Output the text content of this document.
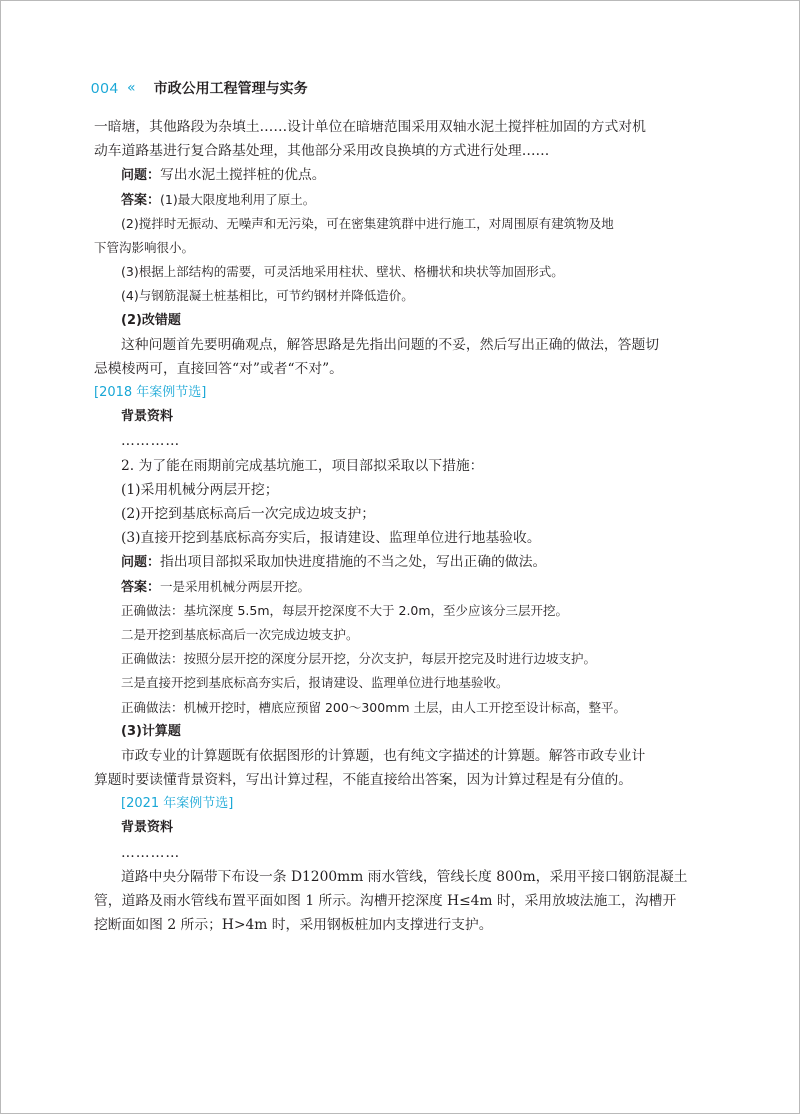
004 « 市政公用工程管理与实务
一暗塘，其他路段为杂填土……设计单位在暗塘范围采用双轴水泥土搅拌桩加固的方式对机
动车道路基进行复合路基处理，其他部分采用改良换填的方式进行处理……
问题：写出水泥土搅拌桩的优点。
答案：(1)最大限度地利用了原土。
(2)搅拌时无振动、无噪声和无污染，可在密集建筑群中进行施工，对周围原有建筑物及地
下管沟影响很小。
(3)根据上部结构的需要，可灵活地采用柱状、壁状、格栅状和块状等加固形式。
(4)与钢筋混凝土桩基相比，可节约钢材并降低造价。
(2)改错题
这种问题首先要明确观点，解答思路是先指出问题的不妥，然后写出正确的做法，答题切
忌模棱两可，直接回答“对”或者“不对”。
[2018 年案例节选]
背景资料
…………
2. 为了能在雨期前完成基坑施工，项目部拟采取以下措施：
(1)采用机械分两层开挖；
(2)开挖到基底标高后一次完成边坡支护；
(3)直接开挖到基底标高夯实后，报请建设、监理单位进行地基验收。
问题：指出项目部拟采取加快进度措施的不当之处，写出正确的做法。
答案：一是采用机械分两层开挖。
正确做法：基坑深度 5.5m，每层开挖深度不大于 2.0m，至少应该分三层开挖。
二是开挖到基底标高后一次完成边坡支护。
正确做法：按照分层开挖的深度分层开挖，分次支护，每层开挖完及时进行边坡支护。
三是直接开挖到基底标高夯实后，报请建设、监理单位进行地基验收。
正确做法：机械开挖时，槽底应预留 200～300mm 土层，由人工开挖至设计标高，整平。
(3)计算题
市政专业的计算题既有依据图形的计算题，也有纯文字描述的计算题。解答市政专业计
算题时要读懂背景资料，写出计算过程，不能直接给出答案，因为计算过程是有分值的。
[2021 年案例节选]
背景资料
…………
道路中央分隔带下布设一条 D1200mm 雨水管线，管线长度 800m，采用平接口钢筋混凝土
管，道路及雨水管线布置平面如图 1 所示。沟槽开挖深度 H≤4m 时，采用放坡法施工，沟槽开
挖断面如图 2 所示；H>4m 时，采用钢板桩加内支撑进行支护。
